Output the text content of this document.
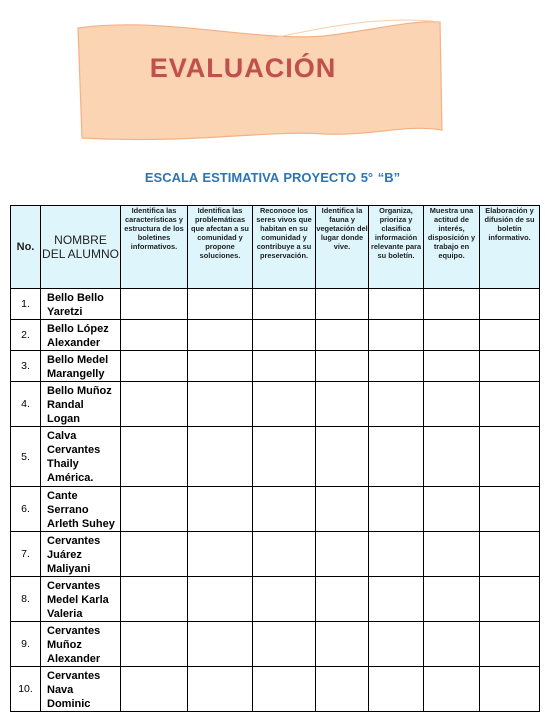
EVALUACIÓN
ESCALA ESTIMATIVA PROYECTO 5° “B”
No.	NOMBRE DEL ALUMNO	Identifica las características y estructura de los boletines informativos.	Identifica las problemáticas que afectan a su comunidad y propone soluciones.	Reconoce los seres vivos que habitan en su comunidad y contribuye a su preservación.	Identifica la fauna y vegetación del lugar donde vive.	Organiza, prioriza y clasifica información relevante para su boletín.	Muestra una actitud de interés, disposición y trabajo en equipo.	Elaboración y difusión de su boletín informativo.
1.	Bello Bello Yaretzi							
2.	Bello López Alexander							
3.	Bello Medel Marangelly							
4.	Bello Muñoz Randal Logan							
5.	Calva Cervantes Thaily América.							
6.	Cante Serrano Arleth Suhey							
7.	Cervantes Juárez Maliyani							
8.	Cervantes Medel Karla Valeria							
9.	Cervantes Muñoz Alexander							
10.	Cervantes Nava Dominic							
